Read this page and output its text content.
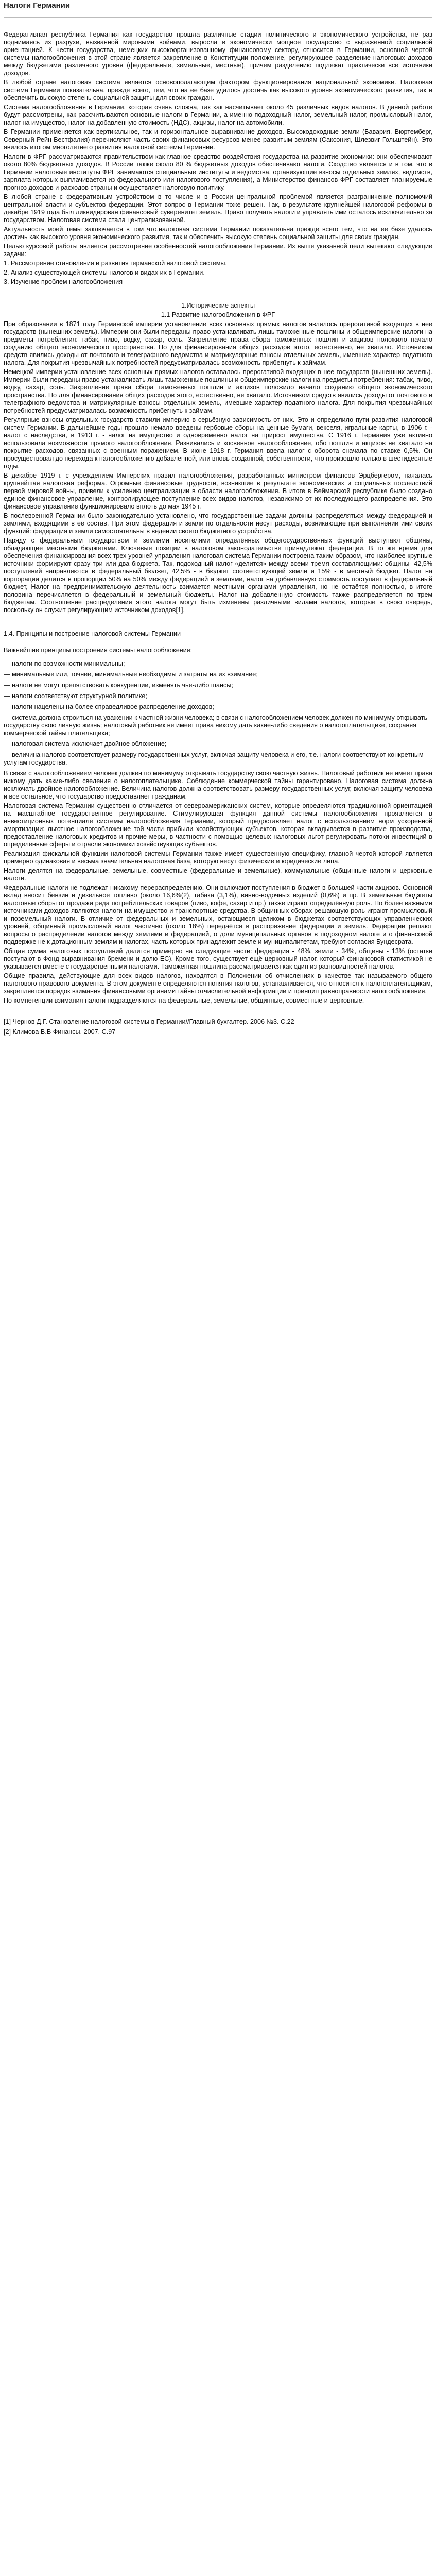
Налоги Германии

Федеративная республика Германия как государство прошла различные стадии политического и экономического устройства, не раз поднимаясь из разрухи, вызванной мировыми войнами, выросла в экономически мощное государство с выраженной социальной ориентацией. К чести государства, немецких высокоорганизованному финансовому сектору, относится в Германии, основной чертой системы налогообложения в этой стране является закрепление в Конституции положение, регулирующее разделение налоговых доходов между бюджетами различного уровня (федеральные, земельные, местные), причем разделению подлежат практически все источники доходов.

В любой стране налоговая система является основополагающим фактором функционирования национальной экономики. Налоговая система Германии показательна, прежде всего, тем, что на ее базе удалось достичь как высокого уровня экономического развития, так и обеспечить высокую степень социальной защиты для своих граждан.

Система налогообложения в Германии, которая очень сложна, так как насчитывает около 45 различных видов налогов. В данной работе будут рассмотрены, как рассчитываются основные налоги в Германии, а именно подоходный налог, земельный налог, промысловый налог, налог на имущество, налог на добавленную стоимость (НДС), акцизы, налог на автомобили.

В Германии применяется как вертикальное, так и горизонтальное выравнивание доходов. Высокодоходные земли (Бавария, Вюртемберг, Северный Рейн-Вестфалия) перечисляют часть своих финансовых ресурсов менее развитым землям (Саксония, Шлезвиг-Гольштейн). Это явилось итогом многолетнего развития налоговой системы Германии.

Налоги в ФРГ рассматриваются правительством как главное средство воздействия государства на развитие экономики: они обеспечивают около 80% бюджетных доходов. В России также около 80 % бюджетных доходов обеспечивают налоги. Сходство является и в том, что в Германии налоговые институты ФРГ занимаются специальные институты и ведомства, организующие взносы отдельных землях, ведомств, зарплата которых выплачивается из федерального или налогового поступления), а Министерство финансов ФРГ составляет планируемые прогноз доходов и расходов страны и осуществляет налоговую политику.

В любой стране с федеративным устройством в то числе и в России центральной проблемой является разграничение полномочий центральной власти и субъектов федерации. Этот вопрос в Германии тоже решен. Так, в результате крупнейшей налоговой реформы в декабре 1919 года был ликвидирован финансовый суверенитет земель. Право получать налоги и управлять ими осталось исключительно за государством. Налоговая система стала централизованной.

Актуальность моей темы заключается в том что,налоговая система Германии показательна прежде всего тем, что на ее базе удалось достичь как высокого уровня экономического развития, так и обеспечить высокую степень социальной защиты для своих граждан.

Целью курсовой работы является рассмотрение особенностей налогообложения Германии. Из выше указанной цели вытекают следующие задачи:

1. Рассмотрение становления и развития германской налоговой системы.

2. Анализ существующей системы налогов и видах их в Германии.

3. Изучение проблем налогообложения

1.Исторические аспекты

1.1 Развитие налогообложения в ФРГ

При образовании в 1871 году Германской империи установление всех основных прямых налогов являлось прерогативой входящих в нее государств (нынешних земель). Империи они были переданы право устанавливать лишь таможенные пошлины и общеимперские налоги на предметы потребления: табак, пиво, водку, сахар, соль. Закрепление права сбора таможенных пошлин и акцизов положило начало созданию общего экономического пространства. Но для финансирования общих расходов этого, естественно, не хватало. Источником средств явились доходы от почтового и телеграфного ведомства и матрикулярные взносы отдельных земель, имевшие характер податного налога. Для покрытия чрезвычайных потребностей предусматривалась возможность прибегнуть к займам.

Немецкой империи установление всех основных прямых налогов оставалось прерогативой входящих в нее государств (нынешних земель). Империи были переданы право устанавливать лишь таможенные пошлины и общеимперские налоги на предметы потребления: табак, пиво, водку, сахар, соль. Закрепление права сбора таможенных пошлин и акцизов положило начало созданию общего экономического пространства. Но для финансирования общих расходов этого, естественно, не хватало. Источником средств явились доходы от почтового и телеграфного ведомства и матрикулярные взносы отдельных земель, имевшие характер податного налога. Для покрытия чрезвычайных потребностей предусматривалась возможность прибегнуть к займам.

Регулярные взносы отдельных государств ставили империю в серьёзную зависимость от них. Это и определило пути развития налоговой систем Германии. В дальнейшие годы прошло немало введены гербовые сборы на ценные бумаги, векселя, игральные карты, в 1906 г. - налог с наследства, в 1913 г. - налог на имущество и одновременно налог на прирост имущества. С 1916 г. Германия уже активно использовала возможности прямого налогообложения. Развивались и косвенное налогообложение, обо пошлин и акцизов не хватало на покрытие расходов, связанных с военным поражением. В июне 1918 г. Германия ввела налог с оборота сначала по ставке 0,5%. Он просуществовал до перехода к налогообложению добавленной, или вновь созданной, собственности, что произошло только в шестидесятые годы.

В декабре 1919 г. с учреждением Имперских правил налогообложения, разработанных министром финансов Эрцбергером, началась крупнейшая налоговая реформа. Огромные финансовые трудности, возникшие в результате экономических и социальных последствий первой мировой войны, привели к усилению централизации в области налогообложения. В итоге в Веймарской республике было создано единое финансовое управление, контролирующее поступление всех видов налогов, независимо от их последующего распределения. Это финансовое управление функционировало вплоть до мая 1945 г.

В послевоенной Германии было законодательно установлено, что государственные задачи должны распределяться между федерацией и землями, входящими в её состав. При этом федерация и земли по отдельности несут расходы, возникающие при выполнении ими своих функций: федерация и земли самостоятельны в ведении своего бюджетного устройства.

Наряду с федеральным государством и землями носителями определённых общегосударственных функций выступают общины, обладающие местными бюджетами. Ключевые позиции в налоговом законодательстве принадлежат федерации. В то же время для обеспечения финансирования всех трех уровней управления налоговая система Германии построена таким образом, что наиболее крупные источники формируют сразу три или два бюджета. Так, подоходный налог «делится» между всеми тремя составляющими: общины- 42,5% поступлений направляются в федеральный бюджет, 42,5% - в бюджет соответствующей земли и 15% - в местный бюджет. Налог на корпорации делится в пропорции 50% на 50% между федерацией и землями, налог на добавленную стоимость поступает в федеральный бюджет, Налог на предпринимательскую деятельность взимается местными органами управления, но не остаётся полностью, в итоге половина перечисляется в федеральный и земельный бюджеты. Налог на добавленную стоимость также распределяется по трем бюджетам. Соотношение распределения этого налога могут быть изменены различными видами налогов, которые в свою очередь, поскольку он служит регулирующим источником доходов[1].

1.4. Принципы и построение налоговой системы Германии

Важнейшие принципы построения системы налогообложения:

— налоги по возможности минимальны;
— минимальные или, точнее, минимальные необходимы и затраты на их взимание;
— налоги не могут препятствовать конкуренции, изменять чье-либо шансы;
— налоги соответствуют структурной политике;
— налоги нацелены на более справедливое распределение доходов;
— система должна строиться на уважении к частной жизни человека; в связи с налогообложением человек должен по минимуму открывать государству свою личную жизнь; налоговый работник не имеет права никому дать какие-либо сведения о налогоплательщике, сохраняя коммерческой тайны плательщика;
— налоговая система исключает двойное обложение;
— величина налогов соответствует размеру государственных услуг, включая защиту человека и его, т.е. налоги соответствуют конкретным услугам государства.

В связи с налогообложением человек должен по минимуму открывать государству свою частную жизнь. Налоговый работник не имеет права никому дать какие-либо сведения о налогоплательщике. Соблюдение коммерческой тайны гарантировано. Налоговая система должна исключать двойное налогообложение. Величина налогов должна соответствовать размеру государственных услуг, включая защиту человека и все остальное, что государство предоставляет гражданам.

Налоговая система Германии существенно отличается от североамериканских систем, которые определяются традиционной ориентацией на масштабное государственное регулирование. Стимулирующая функция данной системы налогообложения проявляется в инвестиционных потенциале системы налогообложения Германии, который предоставляет налог с использованием норм ускоренной амортизации: льготное налогообложение той части прибыли хозяйствующих субъектов, которая вкладывается в развитие производства, предоставление налоговых кредитов и прочие меры, в частности с помощью целевых налоговых льгот регулировать потоки инвестиций в определённые сферы и отрасли экономики хозяйствующих субъектов.

Реализация фискальной функции налоговой системы Германии также имеет существенную специфику, главной чертой которой является примерно одинаковая и весьма значительная налоговая база, которую несут физические и юридические лица.

Налоги делятся на федеральные, земельные, совместные (федеральные и земельные), коммунальные (общинные налоги и церковные налоги.

Федеральные налоги не подлежат никакому перераспределению. Они включают поступления в бюджет в большей части акцизов. Основной вклад вносит бензин и дизельное топливо (около 16,6%(2), табака (3,1%), винно-водочных изделий (0,6%) и пр. В земельные бюджеты налоговые сборы от продажи ряда потребительских товаров (пиво, кофе, сахар и пр.) также играют определённую роль. Но более важными источниками доходов являются налоги на имущество и транспортные средства. В общинных сборах решающую роль играют промысловый и поземельный налоги. В отличие от федеральных и земельных, остающиеся целиком в бюджетах соответствующих управленческих уровней, общинный промысловый налог частично (около 18%) передаётся в распоряжение федерации и земель. Федерации решают вопросы о распределении налогов между землями и федерацией, о доли муниципальных органов в подоходном налоге и о финансовой поддержке не к дотационным землям и налогах, часть которых принадлежит земле и муниципалитетам, требуют согласия Бундесрата.

Общая сумма налоговых поступлений делится примерно на следующие части: федерация - 48%, земли - 34%, общины - 13% (остатки поступают в Фонд выравнивания бремени и долю ЕС). Кроме того, существует ещё церковный налог, который финансовой статистикой не указывается вместе с государственными налогами. Таможенная пошлина рассматривается как один из разновидностей налогов.

Общие правила, действующие для всех видов налогов, находятся в Положении об отчислениях в качестве так называемого общего налогового правового документа. В этом документе определяются понятия налогов, устанавливается, что относится к налогоплательщикам, закрепляется порядок взимания финансовыми органами тайны отчислительной информации и принцип равноправности налогообложения.

По компетенции взимания налоги подразделяются на федеральные, земельные, общинные, совместные и церковные.

[1] Чернов Д.Г. Становление налоговой системы в Германии//Главный бухгалтер. 2006 №3. С.22

[2] Климова В.В Финансы. 2007. С.97
